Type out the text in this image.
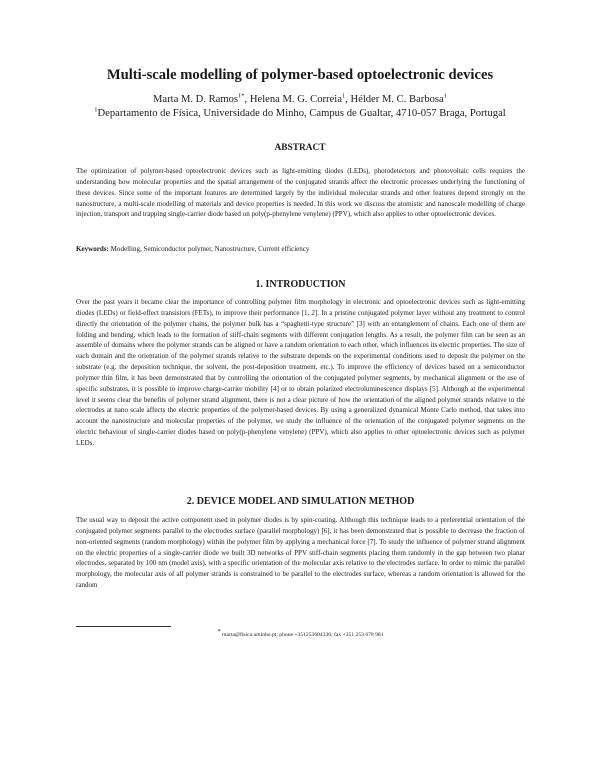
Multi-scale modelling of polymer-based optoelectronic devices
Marta M. D. Ramos$^{1*}$, Helena M. G. Correia$^1$, Hélder M. C. Barbosa$^1$
$^1$Departamento de Física, Universidade do Minho, Campus de Gualtar, 4710-057 Braga, Portugal
ABSTRACT

The optimization of polymer-based optoelectronic devices such as light-emitting diodes (LEDs), photodetectors and photovoltaic cells requires the understanding how molecular properties and the spatial arrangement of the conjugated strands affect the electronic processes underlying the functioning of these devices. Since some of the important features are determined largely by the individual molecular strands and other features depend strongly on the nanostructure, a multi-scale modelling of materials and device properties is needed. In this work we discuss the atomistic and nanoscale modelling of charge injection, transport and trapping single-carrier diode based on poly(p-phenylene venylene) (PPV), which also applies to other optoelectronic devices.

Keywords: Modelling, Semiconductor polymer, Nanostructure, Current efficiency

1. INTRODUCTION

Over the past years it became clear the importance of controlling polymer film morphology in electronic and optoelectronic devices such as light-emitting diodes (LEDs) or field-effect transistors (FETs), to improve their performance [1, 2]. In a pristine conjugated polymer layer without any treatment to control directly the orientation of the polymer chains, the polymer bulk has a “spaghetti-type structure” [3] with an entanglement of chains. Each one of them are folding and bending, which leads to the formation of stiff-chain segments with different conjugation lengths. As a result, the polymer film can be seen as an assemble of domains where the polymer strands can be aligned or have a random orientation to each other, which influences its electric properties. The size of each domain and the orientation of the polymer strands relative to the substrate depends on the experimental conditions used to deposit the polymer on the substrate (e.g. the deposition technique, the solvent, the post-deposition treatment, etc.). To improve the efficiency of devices based on a semiconductor polymer thin film, it has been demonstrated that by controlling the orientation of the conjugated polymer segments, by mechanical alignment or the use of specific substrates, it is possible to improve charge-carrier mobility [4] or to obtain polarized electroluminescence displays [5]. Although at the experimental level it seems clear the benefits of polymer strand alignment, there is not a clear picture of how the orientation of the aligned polymer strands relative to the electrodes at nano scale affects the electric properties of the polymer-based devices. By using a generalized dynamical Monte Carlo method, that takes into account the nanostructure and molecular properties of the polymer, we study the influence of the orientation of the conjugated polymer segments on the electric behaviour of single-carrier diodes based on poly(p-phenylene venylene) (PPV), which also applies to other optoelectronic devices such as polymer LEDs.

2. DEVICE MODEL AND SIMULATION METHOD

The usual way to deposit the active component used in polymer diodes is by spin-coating. Although this technique leads to a preferential orientation of the conjugated polymer segments parallel to the electrodes surface (parallel morphology) [6], it has been demonstrated that is possible to decrease the fraction of non-oriented segments (random morphology) within the polymer film by applying a mechanical force [7]. To study the influence of polymer strand alignment on the electric properties of a single-carrier diode we built 3D networks of PPV stiff-chain segments placing them randomly in the gap between two planar electrodes, separated by 100 nm (model axis), with a specific orientation of the molecular axis relative to the electrodes surface. In order to mimic the parallel morphology, the molecular axis of all polymer strands is constrained to be parallel to the electrodes surface, whereas a random orientation is allowed for the random

* marta@fisica.uminho.pt; phone +351253604330; fax +351 253 678 981
